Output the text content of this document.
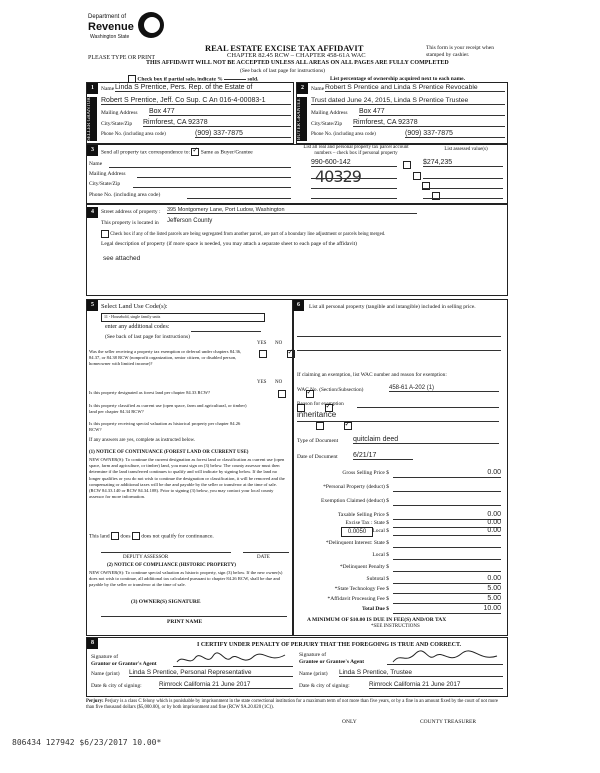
Department of
Revenue
Washington State
REAL ESTATE EXCISE TAX AFFIDAVIT
CHAPTER 82.45 RCW – CHAPTER 458-61A WAC
THIS AFFIDAVIT WILL NOT BE ACCEPTED UNLESS ALL AREAS ON ALL PAGES ARE FULLY COMPLETED
(See back of last page for instructions)
This form is your receipt when stamped by cashier.
PLEASE TYPE OR PRINT
Check box if partial sale, indicate %	sold.	List percentage of ownership acquired next to each name.
1
SELLER GRANTOR
Name Linda S Prentice, Pers. Rep. of the Estate of
Robert S Prentice, Jeff. Co Sup. C An 016-4-00083-1
Mailing Address Box 477
City/State/Zip Rimforest, CA 92378
Phone No. (including area code)	(909) 337-7875
2
BUYER GRANTEE
Name Robert S Prentice and Linda S Prentice Revocable
Trust dated June 24, 2015, Linda S Prentice Trustee
Mailing Address Box 477
City/State/Zip Rimforest, CA 92378
Phone No. (including area code)	(909) 337-7875
3	Send all property tax correspondence to: ✓ Same as Buyer/Grantee
Name
Mailing Address
City/State/Zip
Phone No. (including area code)
List all real and personal property tax parcel account numbers – check box if personal property
List assessed value(s)
990-600-142
	$274,235
40329

4	Street address of property : 395 Montgomery Lane, Port Ludow, Washington
This property is located in Jefferson County
Check box if any of the listed parcels are being segregated from another parcel, are part of a boundary line adjustment or parcels being merged.
Legal description of property (if more space is needed, you may attach a separate sheet to each page of the affidavit)
see attached
5	Select Land Use Code(s):
11 - Household, single family units
enter any additional codes:
(See back of last page for instructions)
YES NO
Was the seller receiving a property tax exemption or deferral under chapters 84.36, 84.37, or 84.38 RCW (nonprofit organization, senior citizen, or disabled person, homeowner with limited income)?
✓
YES NO
Is this property designated as forest land per chapter 84.33 RCW?
✓
Is this property classified as current use (open space, farm and agricultural, or timber) land per chapter 84.34 RCW?
✓
Is this property receiving special valuation as historical property per chapter 84.26 RCW?
✓
If any answers are yes, complete as instructed below.
(1) NOTICE OF CONTINUANCE (FOREST LAND OR CURRENT USE)
NEW OWNER(S): To continue the current designation as forest land or classification as current use (open space, farm and agriculture, or timber) land, you must sign on (3) below. The county assessor must then determine if the land transferred continues to qualify and will indicate by signing below. If the land no longer qualifies or you do not wish to continue the designation or classification, it will be removed and the compensating or additional taxes will be due and payable by the seller or transferor at the time of sale. (RCW 84.33.140 or RCW 84.34.108). Prior to signing (3) below, you may contact your local county assessor for more information.
This land does does not qualify for continuance.
DEPUTY ASSESSOR	DATE
(2) NOTICE OF COMPLIANCE (HISTORIC PROPERTY)
NEW OWNER(S): To continue special valuation as historic property, sign (3) below. If the new owner(s) does not wish to continue, all additional tax calculated pursuant to chapter 84.26 RCW, shall be due and payable by the seller or transferor at the time of sale.
(3) OWNER(S) SIGNATURE
PRINT NAME
6	List all personal property (tangible and intangible) included in selling price.
If claiming an exemption, list WAC number and reason for exemption:
WAC No. (Section/Subsection)	458-61 A-202 (1)
Reason for exemption
inheritance
Type of Document quitclaim deed
Date of Document 6/21/17
Gross Selling Price $	0.00
*Personal Property (deduct) $
Exemption Claimed (deduct) $
Taxable Selling Price $	0.00
Excise Tax : State $	0.00
Local $	0.00
*Delinquent Interest: State $
Local $
*Delinquent Penalty $
Subtotal $	0.00
*State Technology Fee $	5.00
*Affidavit Processing Fee $	5.00
Total Due $	10.00
0.0050
A MINIMUM OF $10.00 IS DUE IN FEE(S) AND/OR TAX
*SEE INSTRUCTIONS
8	I CERTIFY UNDER PENALTY OF PERJURY THAT THE FOREGOING IS TRUE AND CORRECT.
Signature of
Grantor or Grantor's Agent
Signature of
Grantee or Grantee's Agent
Name (print) Linda S Prentice, Personal Representative	Name (print) Linda S Prentice, Trustee
Date & city of signing:	Rimrock California 21 June 2017	Date & city of signing:	Rimrock California 21 June 2017
Perjury: Perjury is a class C felony which is punishable by imprisonment in the state correctional institution for a maximum term of not more than five years, or by a fine in an amount fixed by the court of not more than five thousand dollars ($5,000.00), or by both imprisonment and fine (RCW 9A.20.020 (1C)).
ONLY	COUNTY TREASURER
806434 127942 $6/23/2017 10.00*
